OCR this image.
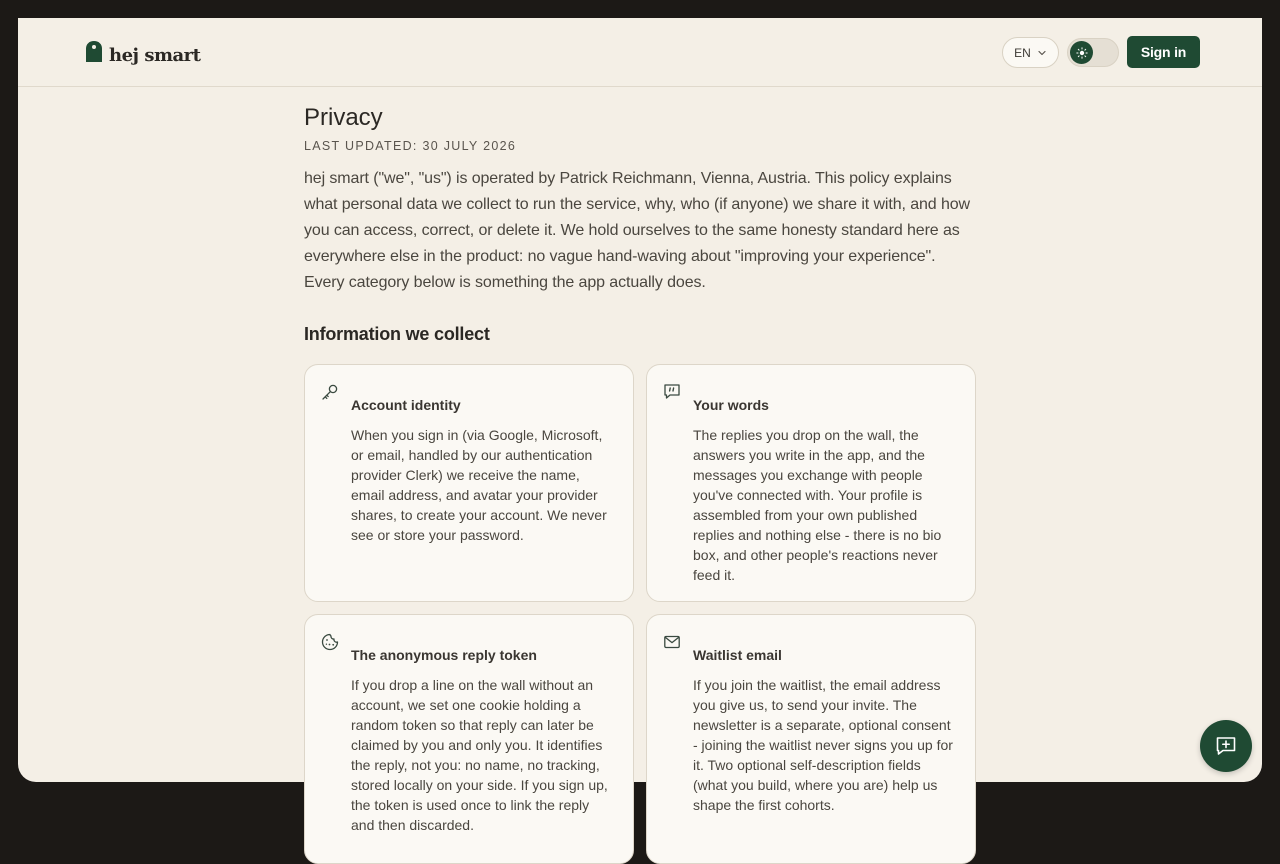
hej smart	EN	Sign in
Privacy
LAST UPDATED: 30 JULY 2026

hej smart ("we", "us") is operated by Patrick Reichmann, Vienna, Austria. This policy explains what personal data we collect to run the service, why, who (if anyone) we share it with, and how you can access, correct, or delete it. We hold ourselves to the same honesty standard here as everywhere else in the product: no vague hand-waving about "improving your experience". Every category below is something the app actually does.

Information we collect
Account identity

When you sign in (via Google, Microsoft, or email, handled by our authentication provider Clerk) we receive the name, email address, and avatar your provider shares, to create your account. We never see or store your password.

Your words

The replies you drop on the wall, the answers you write in the app, and the messages you exchange with people you've connected with. Your profile is assembled from your own published replies and nothing else - there is no bio box, and other people's reactions never feed it.

The anonymous reply token

If you drop a line on the wall without an account, we set one cookie holding a random token so that reply can later be claimed by you and only you. It identifies the reply, not you: no name, no tracking, stored locally on your side. If you sign up, the token is used once to link the reply and then discarded.

Waitlist email

If you join the waitlist, the email address you give us, to send your invite. The newsletter is a separate, optional consent - joining the waitlist never signs you up for it. Two optional self-description fields (what you build, where you are) help us shape the first cohorts.
